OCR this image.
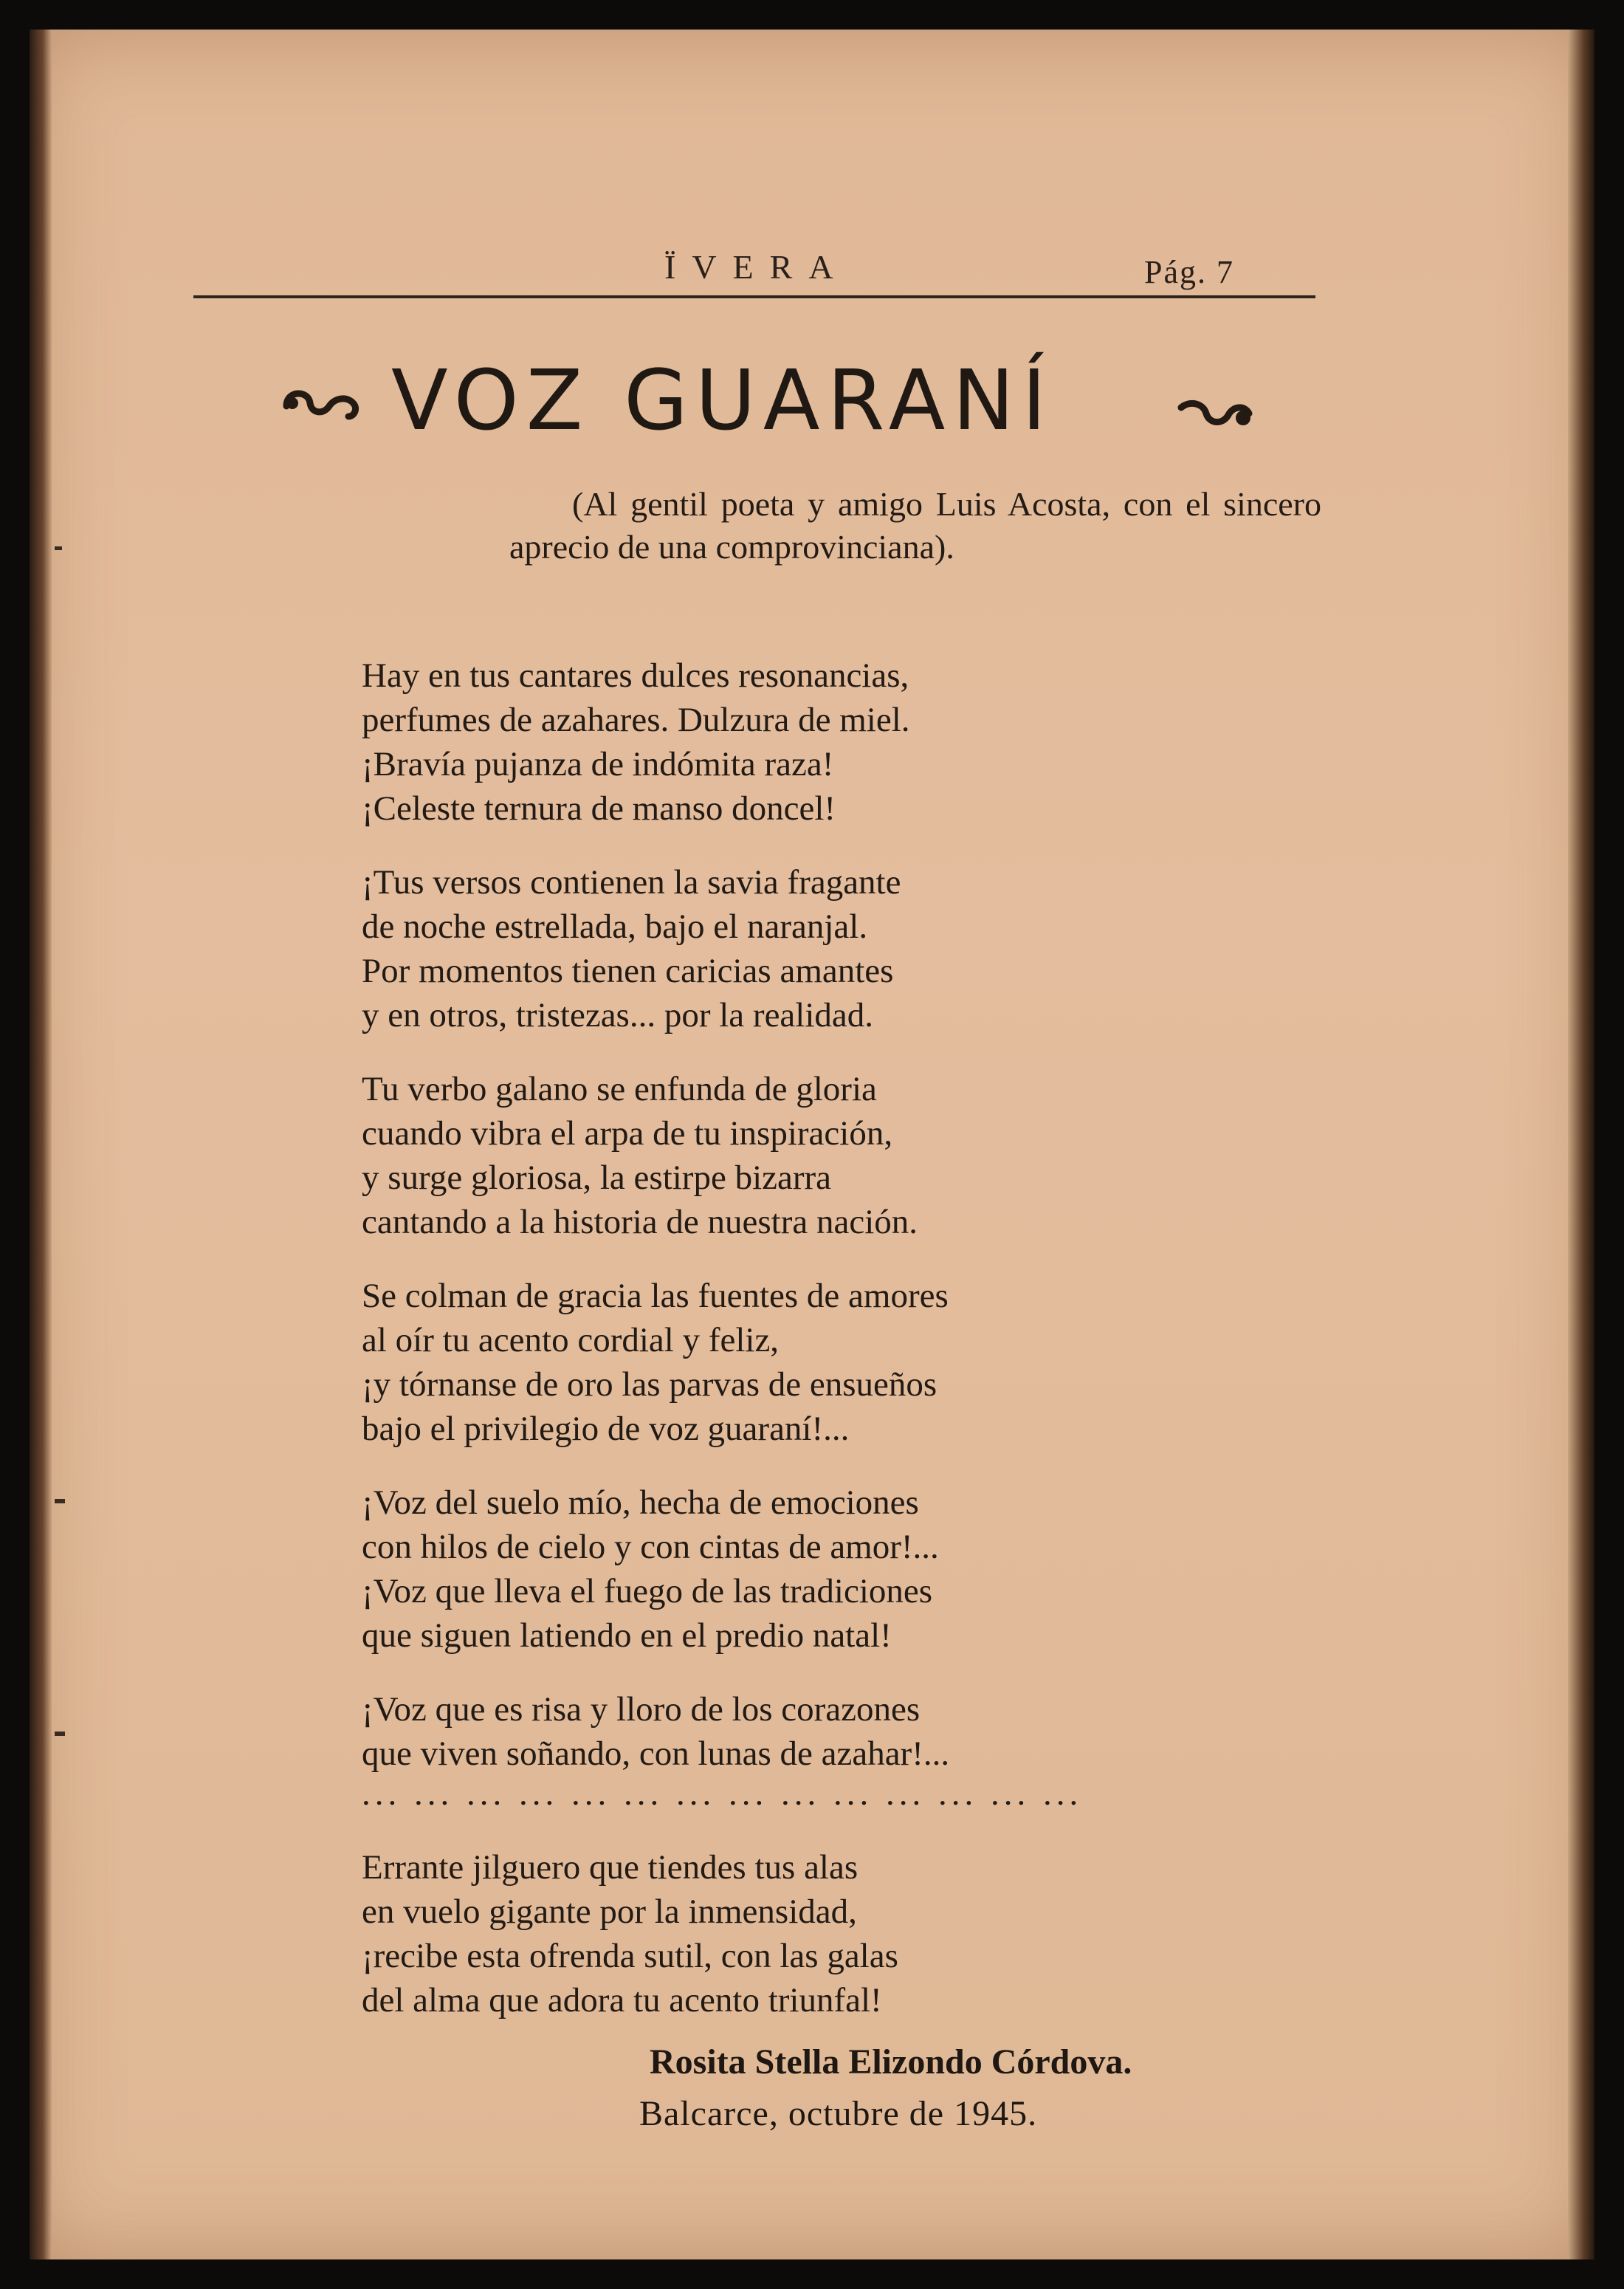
ÏVERA	Pág. 7
VOZ GUARANÍ
(Al gentil poeta y amigo Luis Acosta, con el sincero aprecio de una comprovinciana).
Hay en tus cantares dulces resonancias,
perfumes de azahares. Dulzura de miel.
¡Bravía pujanza de indómita raza!
¡Celeste ternura de manso doncel!
¡Tus versos contienen la savia fragante
de noche estrellada, bajo el naranjal.
Por momentos tienen caricias amantes
y en otros, tristezas... por la realidad.
Tu verbo galano se enfunda de gloria
cuando vibra el arpa de tu inspiración,
y surge gloriosa, la estirpe bizarra
cantando a la historia de nuestra nación.
Se colman de gracia las fuentes de amores
al oír tu acento cordial y feliz,
¡y tórnanse de oro las parvas de ensueños
bajo el privilegio de voz guaraní!...
¡Voz del suelo mío, hecha de emociones
con hilos de cielo y con cintas de amor!...
¡Voz que lleva el fuego de las tradiciones
que siguen latiendo en el predio natal!
¡Voz que es risa y lloro de los corazones
que viven soñando, con lunas de azahar!...
... ... ... ... ... ... ... ... ... ... ... ... ... ...
Errante jilguero que tiendes tus alas
en vuelo gigante por la inmensidad,
¡recibe esta ofrenda sutil, con las galas
del alma que adora tu acento triunfal!
Rosita Stella Elizondo Córdova.
Balcarce, octubre de 1945.
